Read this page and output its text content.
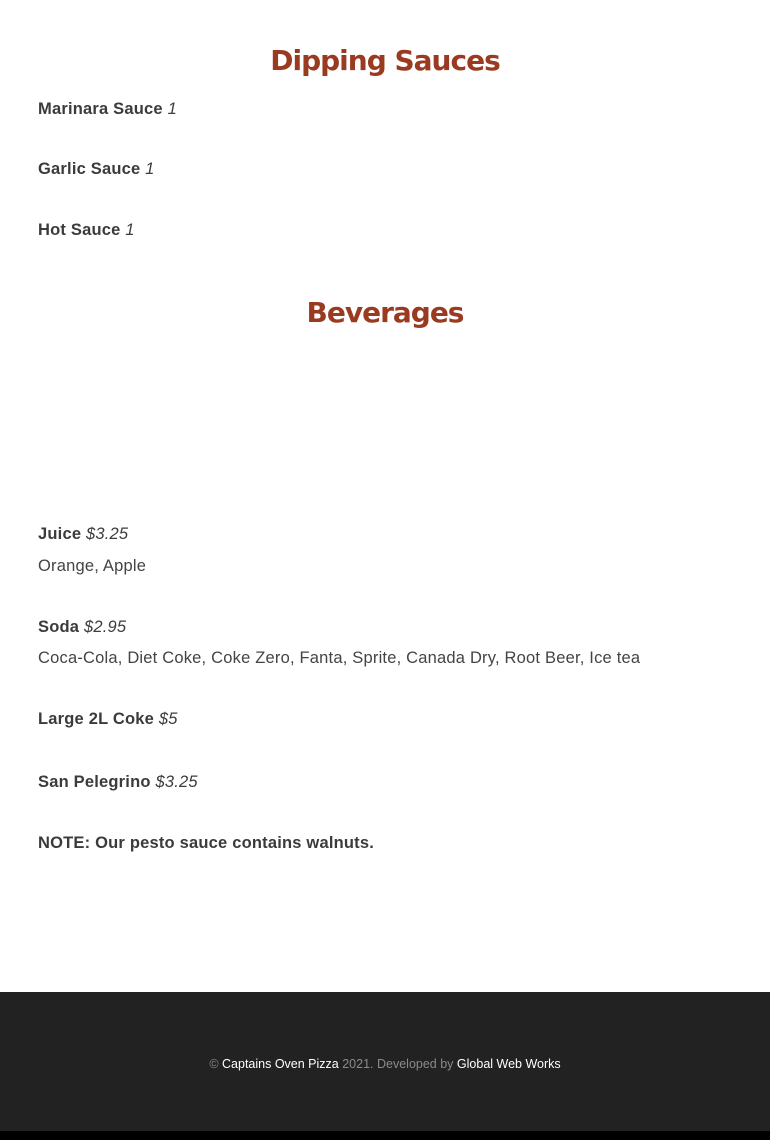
Dipping Sauces

Marinara Sauce 1

Garlic Sauce 1

Hot Sauce 1

Beverages

Juice $3.25

Orange, Apple

Soda $2.95

Coca-Cola, Diet Coke, Coke Zero, Fanta, Sprite, Canada Dry, Root Beer, Ice tea

Large 2L Coke $5

San Pelegrino $3.25

NOTE: Our pesto sauce contains walnuts.

© Captains Oven Pizza 2021. Developed by Global Web Works
